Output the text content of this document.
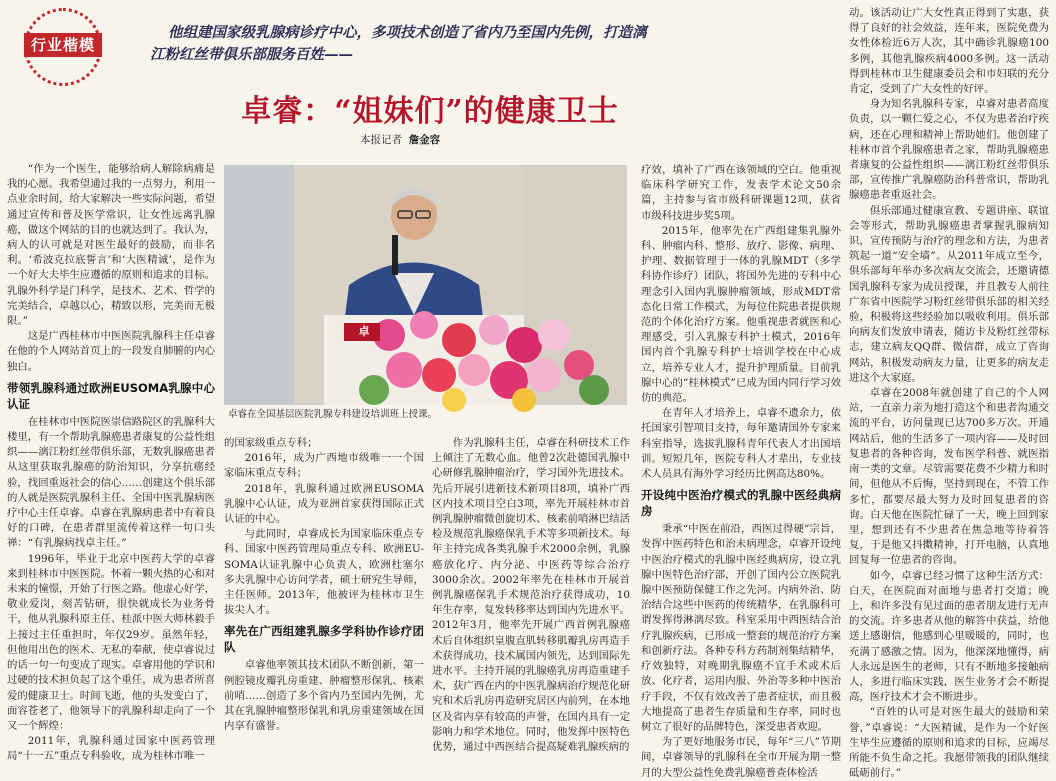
行业楷模
他组建国家级乳腺病诊疗中心，多项技术创造了省内乃至国内先例，打造漓
江粉红丝带俱乐部服务百姓——
卓睿：“姐妹们”的健康卫士
本报记者 詹金容
卓
卓睿在全国基层医院乳腺专科建设培训班上授课。

“作为一个医生，能够给病人解除病痛是我的心愿。我希望通过我的一点努力，利用一点业余时间，给大家解决一些实际问题，希望通过宣传和普及医学常识，让女性远离乳腺癌，做这个网站的目的也就达到了。我认为，病人的认可就是对医生最好的鼓励，而非名利。‘希波克拉底誓言’和‘大医精诚’，是作为一个好大夫毕生应遵循的原则和追求的目标。乳腺外科学是门科学，是技术、艺术、哲学的完美结合，卓越以心，精致以形，完美而无极限。”

这是广西桂林市中医医院乳腺科主任卓睿在他的个人网站首页上的一段发自肺腑的内心独白。

带领乳腺科通过欧洲EUSOMA乳腺中心认证

在桂林市中医院医崇信路院区的乳腺科大楼里，有一个帮助乳腺癌患者康复的公益性组织——漓江粉红丝带俱乐部，无数乳腺癌患者从这里获取乳腺癌的防治知识，分享抗癌经验，找回重返社会的信心……创建这个俱乐部的人就是医院乳腺科主任、全国中医乳腺病医疗中心主任卓睿。卓睿在乳腺病患者中有着良好的口碑，在患者群里流传着这样一句口头禅：“有乳腺病找卓主任。”

1996年，毕业于北京中医药大学的卓睿来到桂林市中医医院。怀着一颗火热的心和对未来的憧憬，开始了行医之路。他虚心好学，敬业爱岗，刻苦钻研，很快就成长为业务骨干，他从乳腺科原主任、桂派中医大师林毅手上接过主任重担时，年仅29岁。虽然年轻，但他用出色的医术、无私的奉献，使卓睿说过的话一句一句变成了现实。卓睿用他的学识和过硬的技术担负起了这个重任，成为患者所喜爱的健康卫士。时间飞逝，他的头发变白了，面容苍老了，他领导下的乳腺科却走向了一个又一个辉煌：

2011年，乳腺科通过国家中医药管理局“十一五”重点专科验收，成为桂林市唯一

的国家级重点专科；

2016年，成为广西地市级唯一一个国家临床重点专科；

2018年，乳腺科通过欧洲EUSOMA乳腺中心认证，成为亚洲首家获得国际正式认证的中心。

与此同时，卓睿成长为国家临床重点专科、国家中医药管理局重点专科、欧洲EU-SOMA认证乳腺中心负责人，欧洲杜塞尔多夫乳腺中心访问学者，硕士研究生导师，主任医师。2013年，他被评为桂林市卫生拔尖人才。

率先在广西组建乳腺多学科协作诊疗团队

卓睿他率领其技术团队不断创新，第一例腔镜皮瓣乳房重建、肿瘤整形保乳、核素前哨……创造了多个省内乃至国内先例，尤其在乳腺肿瘤整形保乳和乳房重建领域在国内享有盛誉。

作为乳腺科主任，卓睿在科研技术工作上倾注了无数心血。他曾2次赴德国乳腺中心研修乳腺肿瘤治疗，学习国外先进技术。先后开展引进新技术新项目8项，填补广西区内技术项目空白3项，率先开展桂林市首例乳腺肿瘤微创旋切术、核素前哨淋巴结活检及规范乳腺癌保乳手术等多项新技术。每年主持完成各类乳腺手术2000余例，乳腺癌放化疗、内分泌、中医药等综合治疗3000余次。2002年率先在桂林市开展首例乳腺癌保乳手术规范治疗获得成功，10年生存率，复发转移率达到国内先进水平。2012年3月，他率先开展广西首例乳腺癌术后自体组织皇腹直肌转移肌瓣乳房再造手术获得成功，技术属国内领先，达到国际先进水平。主持开展的乳腺癌乳房再造重建手术，获广西在内的中医乳腺病治疗规范化研究和术后乳房再造研究居区内前列，在本地区及省内享有较高的声誉，在国内具有一定影响力和学术地位。同时，他发挥中医特色优势，通过中西医结合提高疑难乳腺疾病的

疗效，填补了广西在该领域的空白。他重视临床科学研究工作，发表学术论文50余篇，主持参与省市级科研课题12项，获省市级科技进步奖5项。

2015年，他率先在广西组建集乳腺外科、肿瘤内科、整形、放疗、影像、病理、护理、数据管理于一体的乳腺MDT（多学科协作诊疗）团队，将国外先进的专科中心理念引入国内乳腺肿瘤领域，形成MDT常态化日常工作模式，为每位住院患者提供规范的个体化治疗方案。他重视患者就医和心理感受，引入乳腺专科护士模式，2016年国内首个乳腺专科护士培训学校在中心成立，培养专业人才，提升护理质量。目前乳腺中心的“桂林模式”已成为国内同行学习效仿的典范。

在青年人才培养上，卓睿不遗余力，依托国家引智项目支持，每年邀请国外专家来科室指导，选拔乳腺科青年代表人才出国培训。短短几年，医院专科人才辈出，专业技术人员具有海外学习经历比例高达80%。

开设纯中医治疗模式的乳腺中医经典病房

秉承“中医在前沿，西医过得硬”宗旨，发挥中医药特色和治未病理念，卓睿开设纯中医治疗模式的乳腺中医经典病房，设立乳腺中医特色治疗部，开创了国内公立医院乳腺中医预防保健工作之先河。内病外治、防治结合这些中医药的传统精华，在乳腺科可谓发挥得淋漓尽致。科室采用中西医结合治疗乳腺疾病，已形成一整套的规范治疗方案和创新疗法。各种专科方药制剂集结精华，疗效独特，对晚期乳腺癌不宜手术或术后放、化疗者，运用内服、外治等多种中医治疗手段，不仅有效改善了患者症状，而且极大地提高了患者生存质量和生存率，同时也树立了很好的品牌特色，深受患者欢迎。

为了更好地服务市民，每年“三八”节期间，卓睿领导的乳腺科在全市开展为期一整月的大型公益性免费乳腺癌普查体检活

动。该活动让广大女性真正得到了实惠，获得了良好的社会效益，连年来，医院免费为女性体检近6万人次，其中确诊乳腺癌100多例，其他乳腺疾病4000多例。这一活动得到桂林市卫生健康委员会和市妇联的充分肯定，受到了广大女性的好评。

身为知名乳腺科专家，卓睿对患者高度负责，以一颗仁爱之心，不仅为患者治疗疾病，还在心理和精神上帮助她们。他创建了桂林市首个乳腺癌患者之家，帮助乳腺癌患者康复的公益性组织——漓江粉红丝带俱乐部，宣传推广乳腺癌防治科普常识，帮助乳腺癌患者重返社会。

俱乐部通过健康宣教、专题讲座、联谊会等形式，帮助乳腺癌患者掌握乳腺病知识，宣传预防与治疗的理念和方法，为患者筑起一道“安全墙”。从2011年成立至今，俱乐部每年举办多次病友交流会，还邀请德国乳腺科专家为成员授课，并且教专人前往广东省中医院学习粉红丝带俱乐部的相关经验，积极将这些经验加以吸收利用。俱乐部向病友们发放申请表，随访卡及粉红丝带标志，建立病友QQ群、微信群，成立了咨询网站，积极发动病友力量，让更多的病友走进这个大家庭。

卓睿在2008年就创建了自己的个人网站，一直亲力亲为地打造这个和患者沟通交流的平台，访问量现已达700多万次。开通网站后，他的生活多了一项内容——及时回复患者的各种咨询，发布医学科普、就医指南一类的文章。尽管需要花费不少精力和时间，但他从不后悔，坚持到现在，不管工作多忙，都要尽最大努力及时回复患者的咨询。白天他在医院忙碌了一天，晚上回到家里，想到还有不少患者在焦急地等待着答复，于是他又抖擞精神，打开电脑，认真地回复每一位患者的咨询。

如今，卓睿已经习惯了这种生活方式：白天，在医院面对面地与患者打交道；晚上，和许多没有见过面的患者朋友进行无声的交流。许多患者从他的解答中获益，给他送上感谢信，他感到心里暖暖的，同时，也充满了感激之情。因为，他深深地懂得，病人永远是医生的老师，只有不断地多接触病人，多进行临床实践，医生业务才会不断提高，医疗技术才会不断进步。

“百姓的认可是对医生最大的鼓励和荣誉，”卓睿说：“大医精诚，是作为一个好医生毕生应遵循的原则和追求的目标，应竭尽所能不负生命之托。我愿带领我的团队继续砥砺前行。”
